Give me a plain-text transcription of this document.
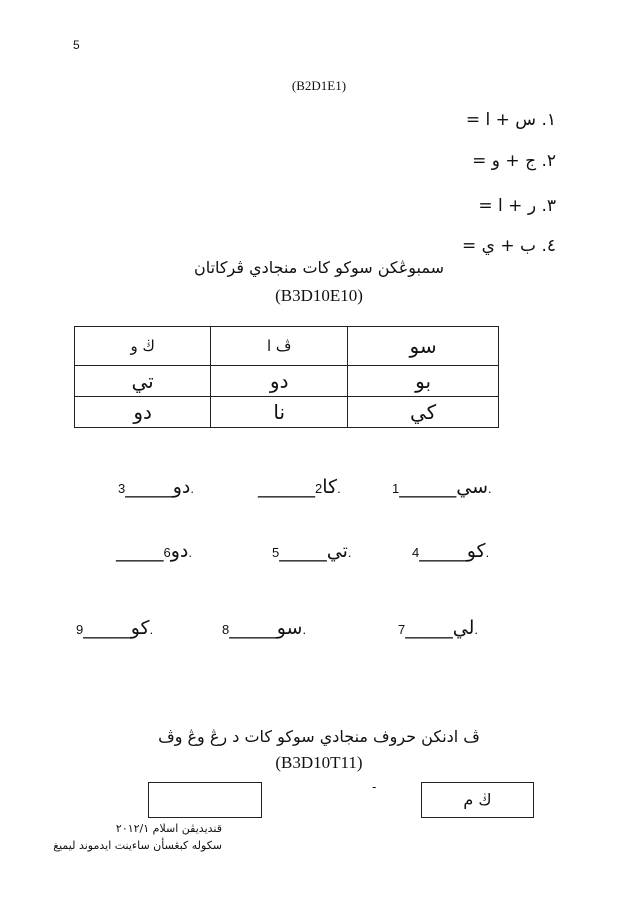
5
(B2D1E1)
١. س + ا =
٢. ج + و =
٣. ر + ا =
٤. ب + ي =
سمبوڠكن سوكو كات منجادي ڤركاتان
(B3D10E10)
سو	ڤ ا	ڬ و
بو	دو	تي
كي	نا	دو
سي______1.
______ كا2.
دو_____3.
كو_____4.
تي_____5.
_____ دو6.
لي_____7.
سو_____8.
كو_____9.
ڤ ادنكن حروف منجادي سوكو كات د رڠ وڠ وڤ
(B3D10T11)
-
ڬ م
قنديديڤن اسلام ٢٠١٢/١
سكوله كبڠسأن ساءينت ايدموند ليميغ
